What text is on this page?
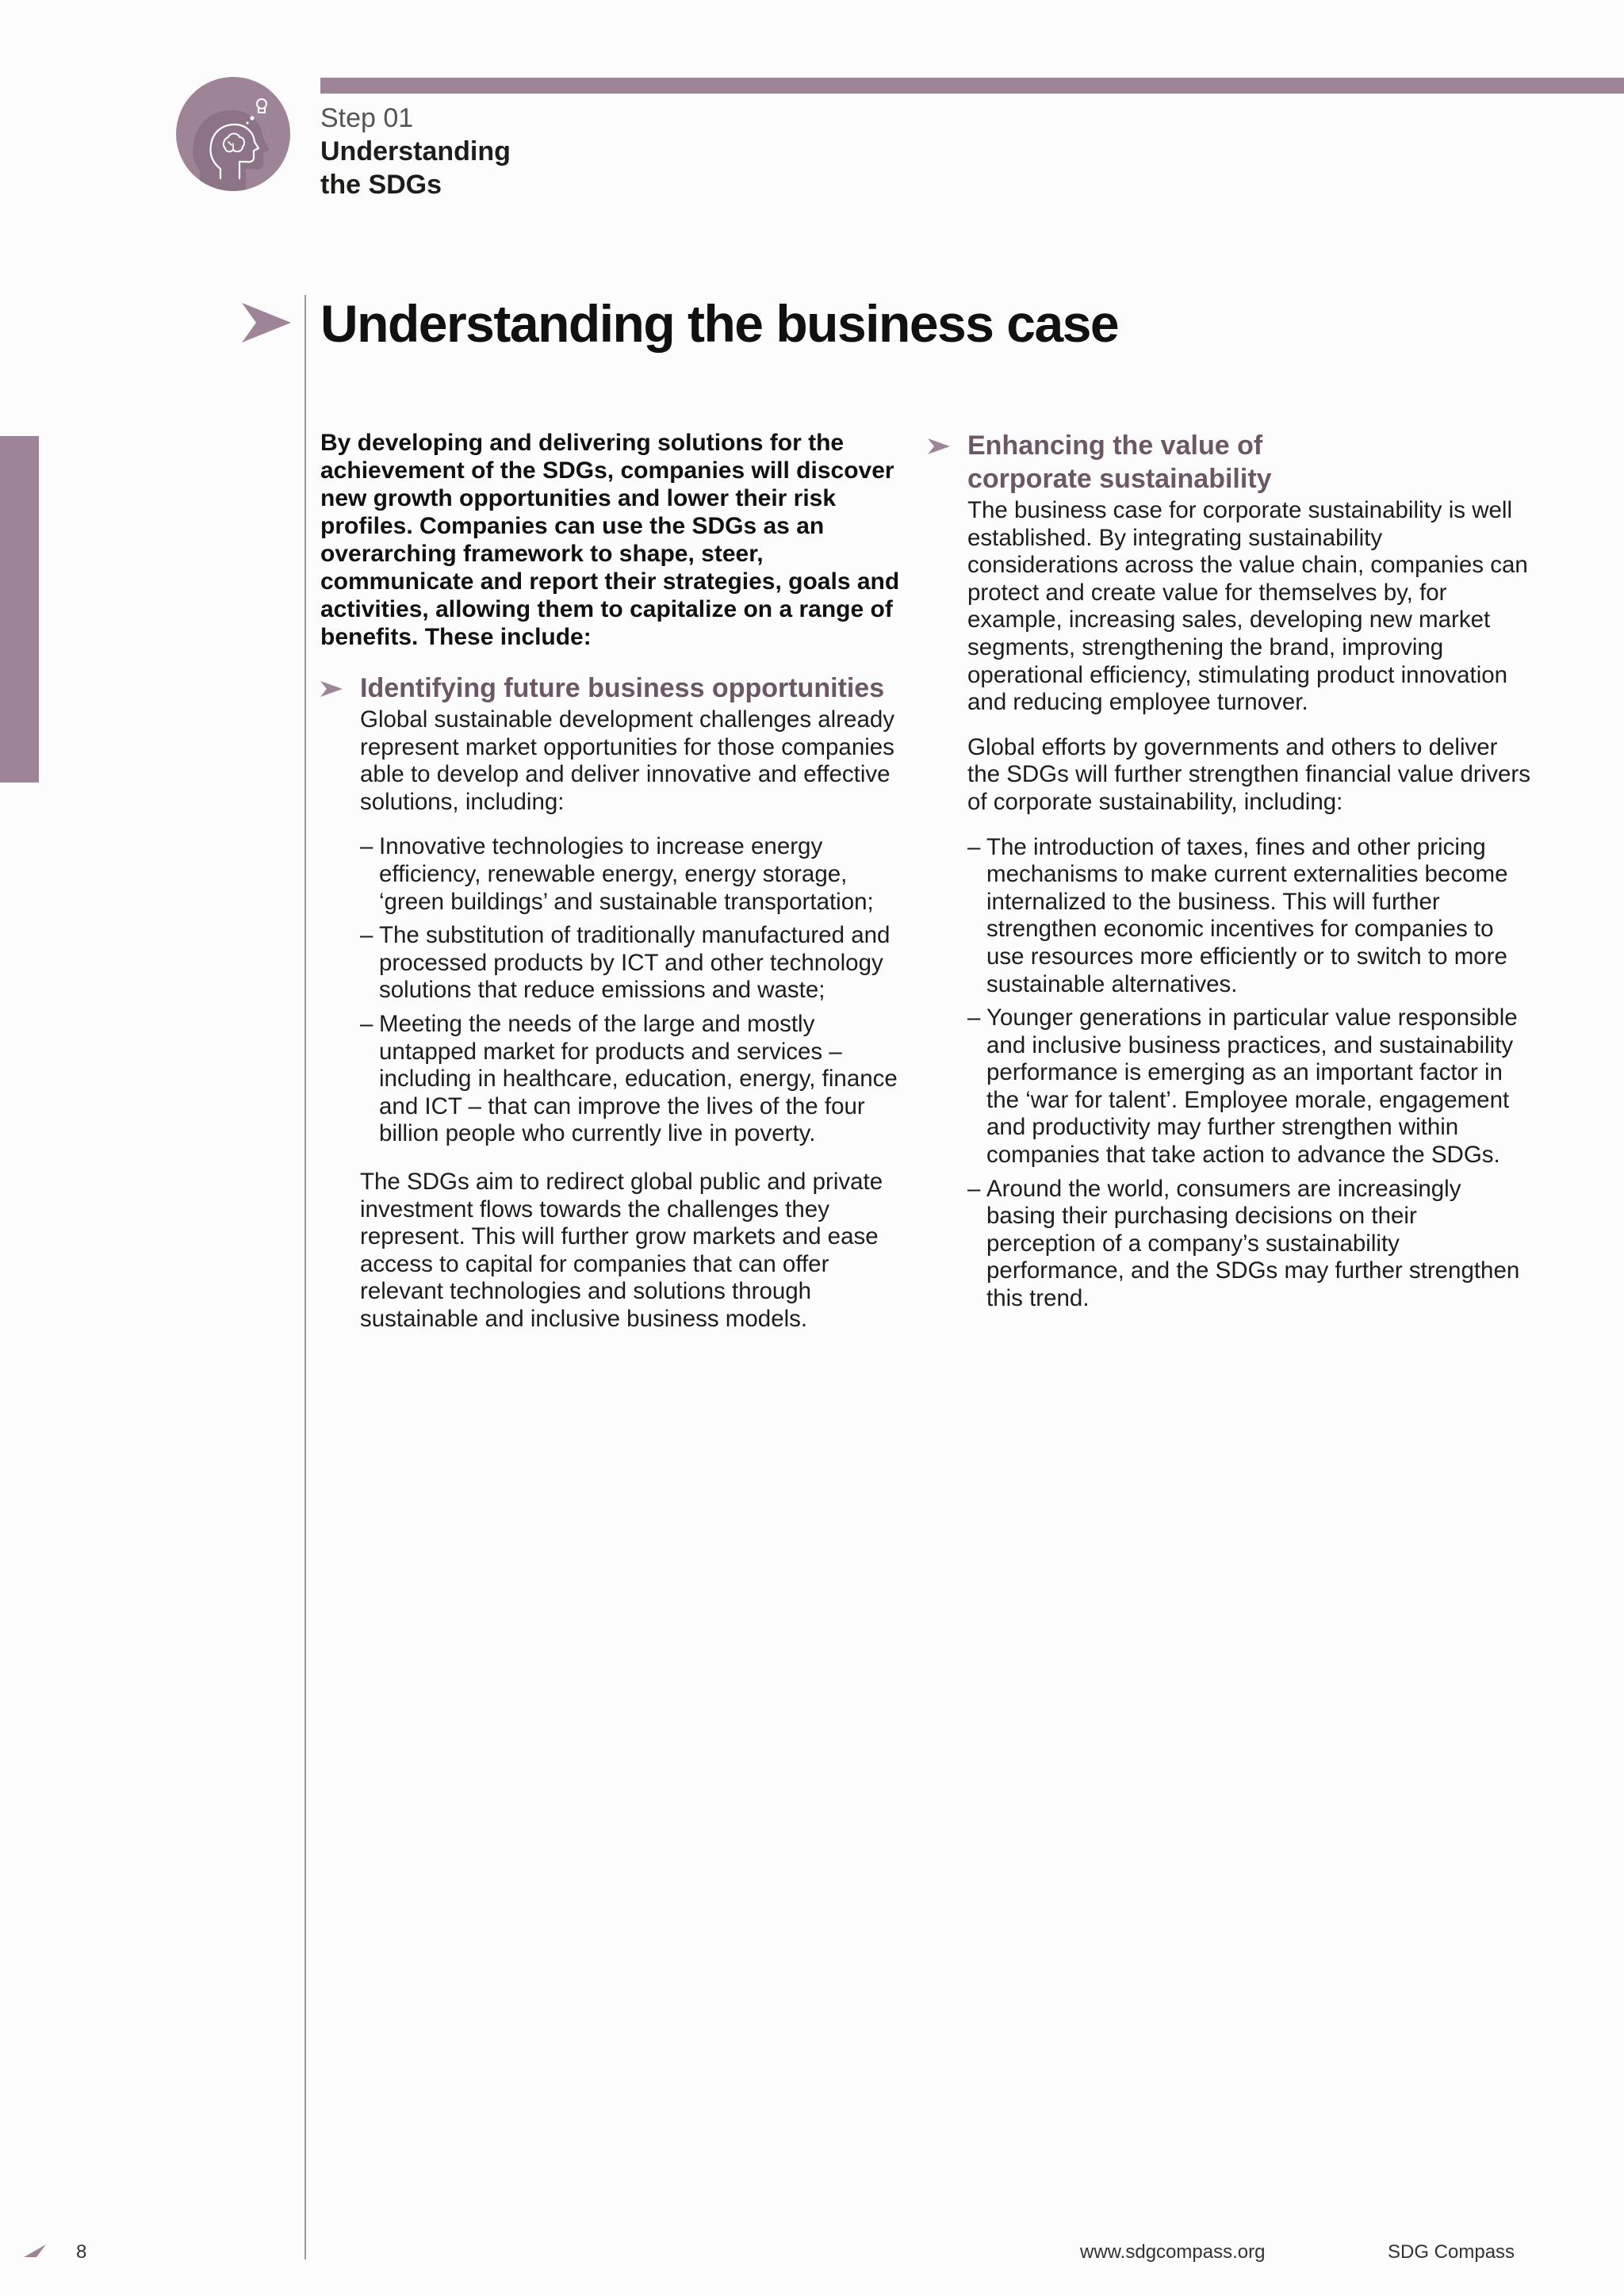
Step 01
Understanding
the SDGs
Understanding the business case

By developing and delivering solutions for the achievement of the SDGs, companies will discover new growth opportunities and lower their risk profiles. Companies can use the SDGs as an overarching framework to shape, steer, communicate and report their strategies, goals and activities, allowing them to capitalize on a range of benefits. These include:

Identifying future business opportunities

Global sustainable development challenges already represent market opportunities for those companies able to develop and deliver innovative and effective solutions, including:

– Innovative technologies to increase energy efficiency, renewable energy, energy storage, ‘green buildings’ and sustainable transportation;
– The substitution of traditionally manufactured and processed products by ICT and other technology solutions that reduce emissions and waste;
– Meeting the needs of the large and mostly untapped market for products and services – including in healthcare, education, energy, finance and ICT – that can improve the lives of the four billion people who currently live in poverty.

The SDGs aim to redirect global public and private investment flows towards the challenges they represent. This will further grow markets and ease access to capital for companies that can offer relevant technologies and solutions through sustainable and inclusive business models.

Enhancing the value of
corporate sustainability

The business case for corporate sustainability is well established. By integrating sustainability considerations across the value chain, companies can protect and create value for themselves by, for example, increasing sales, developing new market segments, strengthening the brand, improving operational efficiency, stimulating product innovation and reducing employee turnover.

Global efforts by governments and others to deliver the SDGs will further strengthen financial value drivers of corporate sustainability, including:

– The introduction of taxes, fines and other pricing mechanisms to make current externalities become internalized to the business. This will further strengthen economic incentives for companies to use resources more efficiently or to switch to more sustainable alternatives.
– Younger generations in particular value responsible and inclusive business practices, and sustainability performance is emerging as an important factor in the ‘war for talent’. Employee morale, engagement and productivity may further strengthen within companies that take action to advance the SDGs.
– Around the world, consumers are increasingly basing their purchasing decisions on their perception of a company’s sustainability performance, and the SDGs may further strengthen this trend.
8	www.sdgcompass.org	SDG Compass
